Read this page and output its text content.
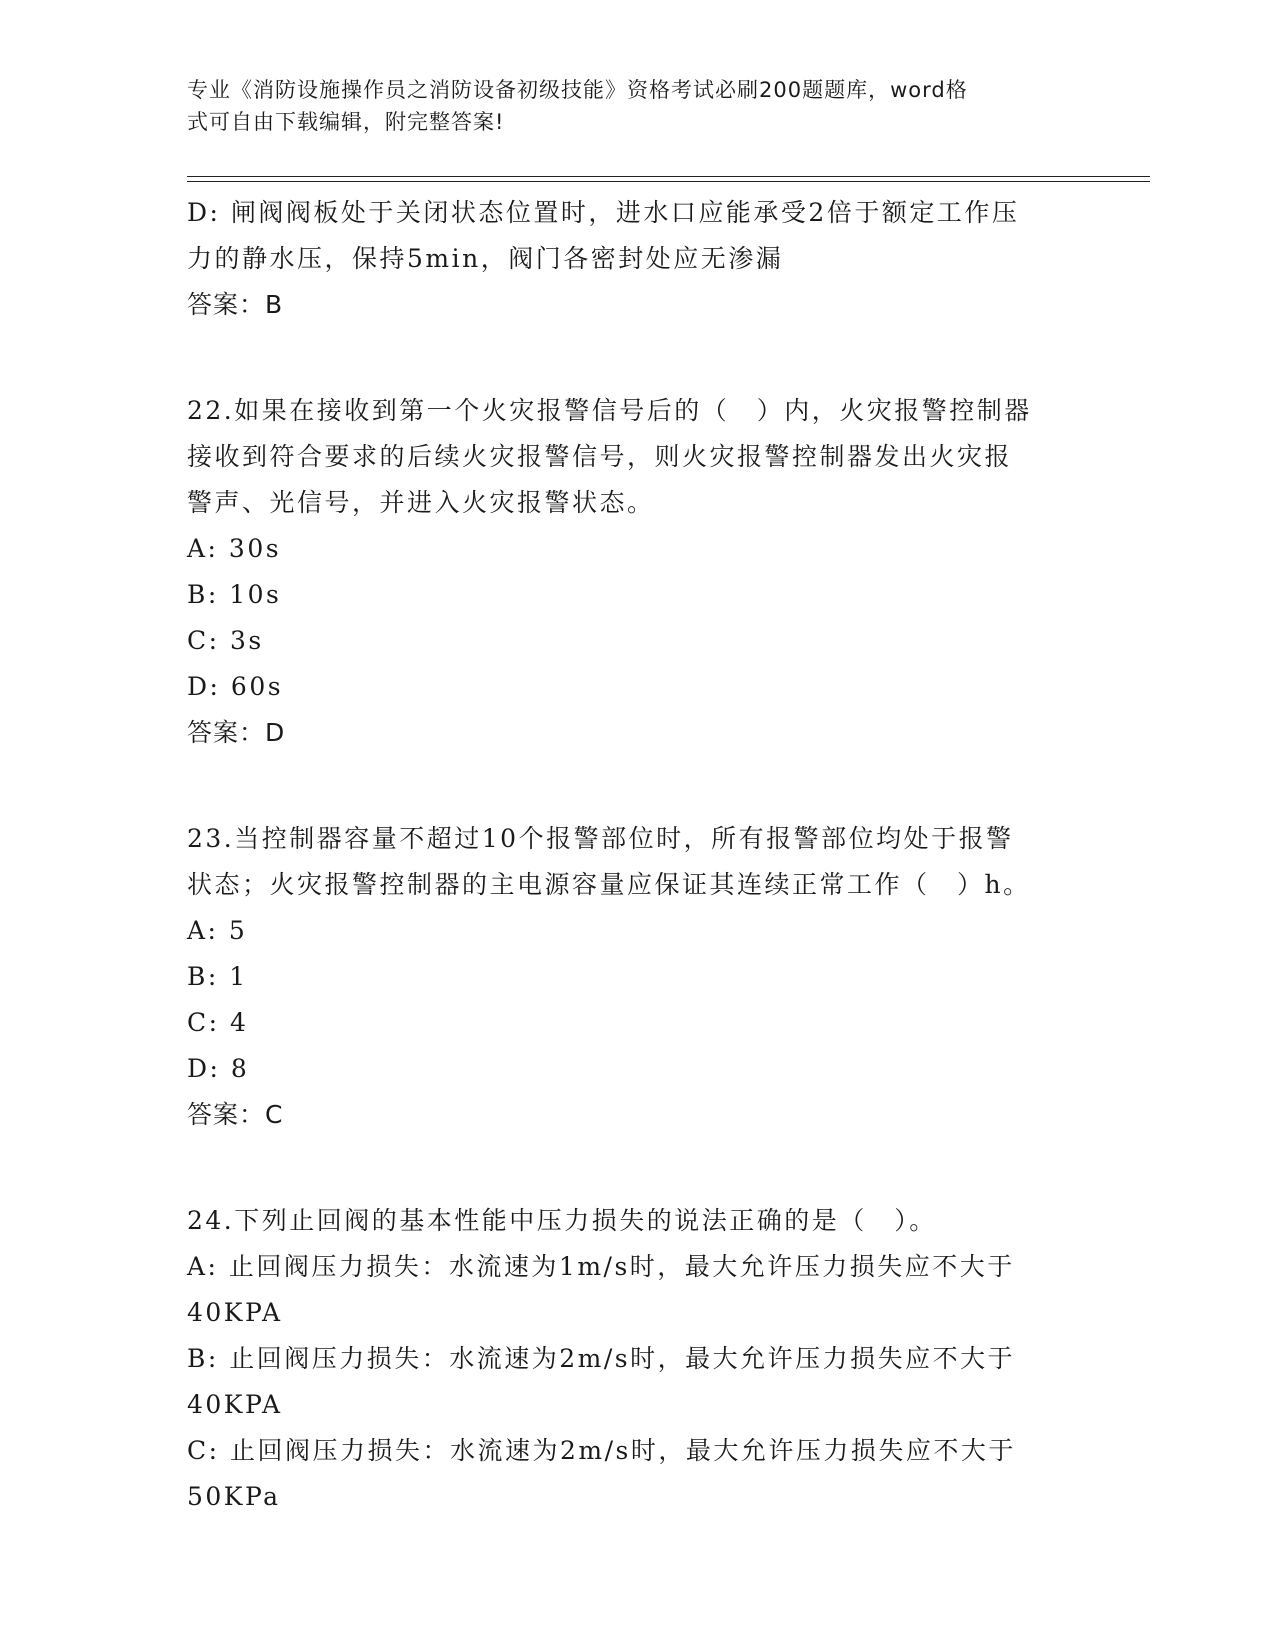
专业《消防设施操作员之消防设备初级技能》资格考试必刷200题题库，word格
式可自由下载编辑，附完整答案!
D: 闸阀阀板处于关闭状态位置时，进水口应能承受2倍于额定工作压
力的静水压，保持5min，阀门各密封处应无渗漏
答案：B
22.如果在接收到第一个火灾报警信号后的（　）内，火灾报警控制器
接收到符合要求的后续火灾报警信号，则火灾报警控制器发出火灾报
警声、光信号，并进入火灾报警状态。
A: 30s
B: 10s
C: 3s
D: 60s
答案：D
23.当控制器容量不超过10个报警部位时，所有报警部位均处于报警
状态；火灾报警控制器的主电源容量应保证其连续正常工作（　）h。
A: 5
B: 1
C: 4
D: 8
答案：C
24.下列止回阀的基本性能中压力损失的说法正确的是（　）。
A: 止回阀压力损失：水流速为1m/s时，最大允许压力损失应不大于
40KPA
B: 止回阀压力损失：水流速为2m/s时，最大允许压力损失应不大于
40KPA
C: 止回阀压力损失：水流速为2m/s时，最大允许压力损失应不大于
50KPa
